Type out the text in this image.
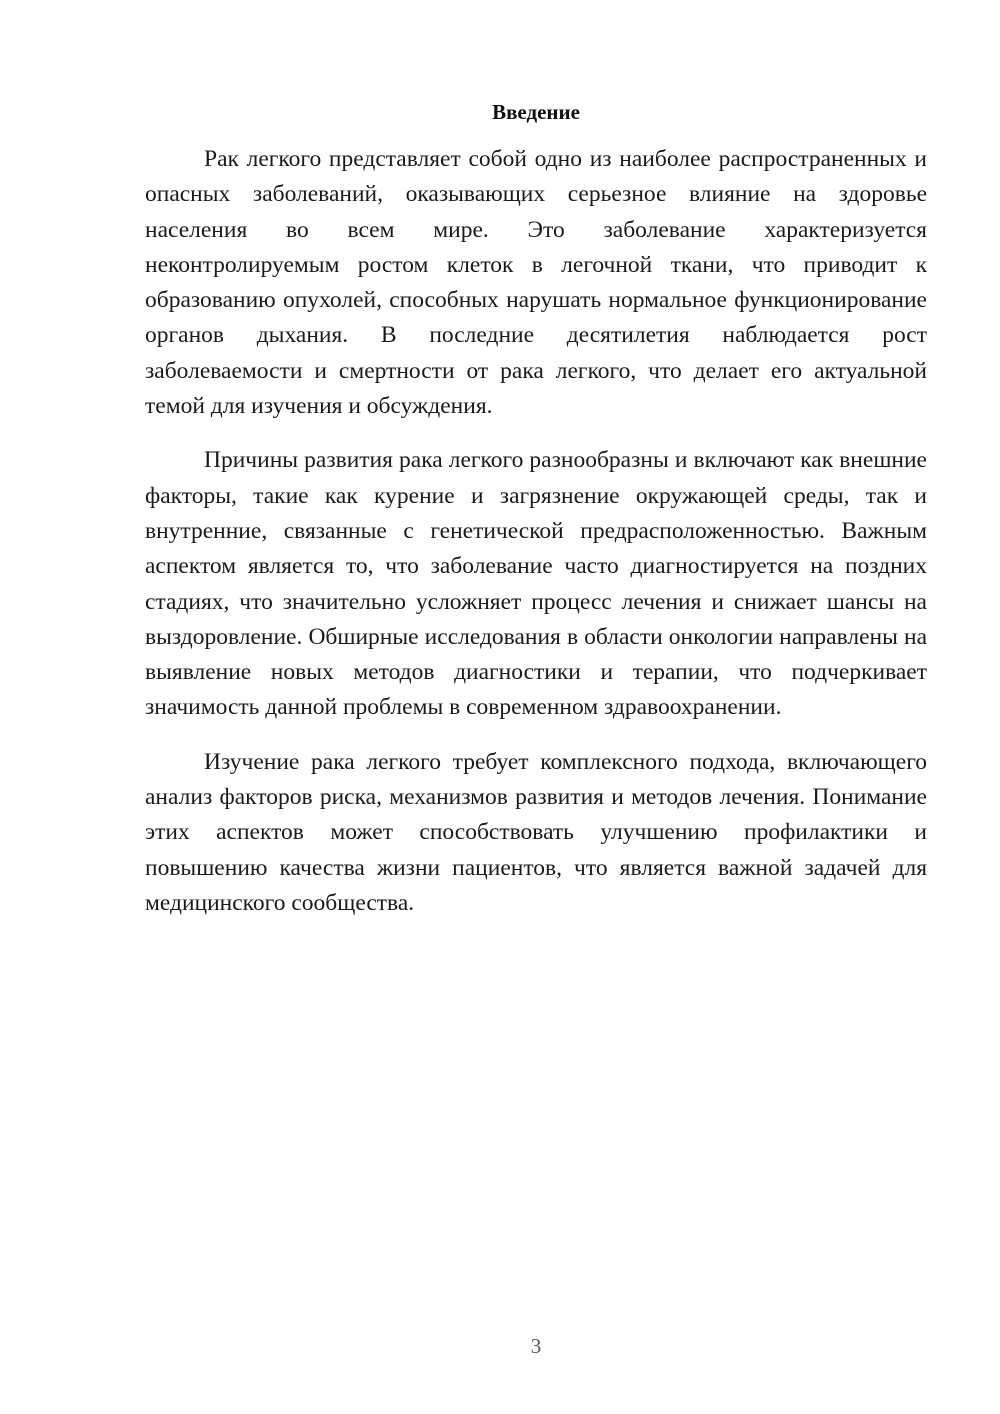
Введение

Рак легкого представляет собой одно из наиболее распространенных и опасных заболеваний, оказывающих серьезное влияние на здоровье населения во всем мире. Это заболевание характеризуется неконтролируемым ростом клеток в легочной ткани, что приводит к образованию опухолей, способных нарушать нормальное функционирование органов дыхания. В последние десятилетия наблюдается рост заболеваемости и смертности от рака легкого, что делает его актуальной темой для изучения и обсуждения.

Причины развития рака легкого разнообразны и включают как внешние факторы, такие как курение и загрязнение окружающей среды, так и внутренние, связанные с генетической предрасположенностью. Важным аспектом является то, что заболевание часто диагностируется на поздних стадиях, что значительно усложняет процесс лечения и снижает шансы на выздоровление. Обширные исследования в области онкологии направлены на выявление новых методов диагностики и терапии, что подчеркивает значимость данной проблемы в современном здравоохранении.

Изучение рака легкого требует комплексного подхода, включающего анализ факторов риска, механизмов развития и методов лечения. Понимание этих аспектов может способствовать улучшению профилактики и повышению качества жизни пациентов, что является важной задачей для медицинского сообщества.

3
